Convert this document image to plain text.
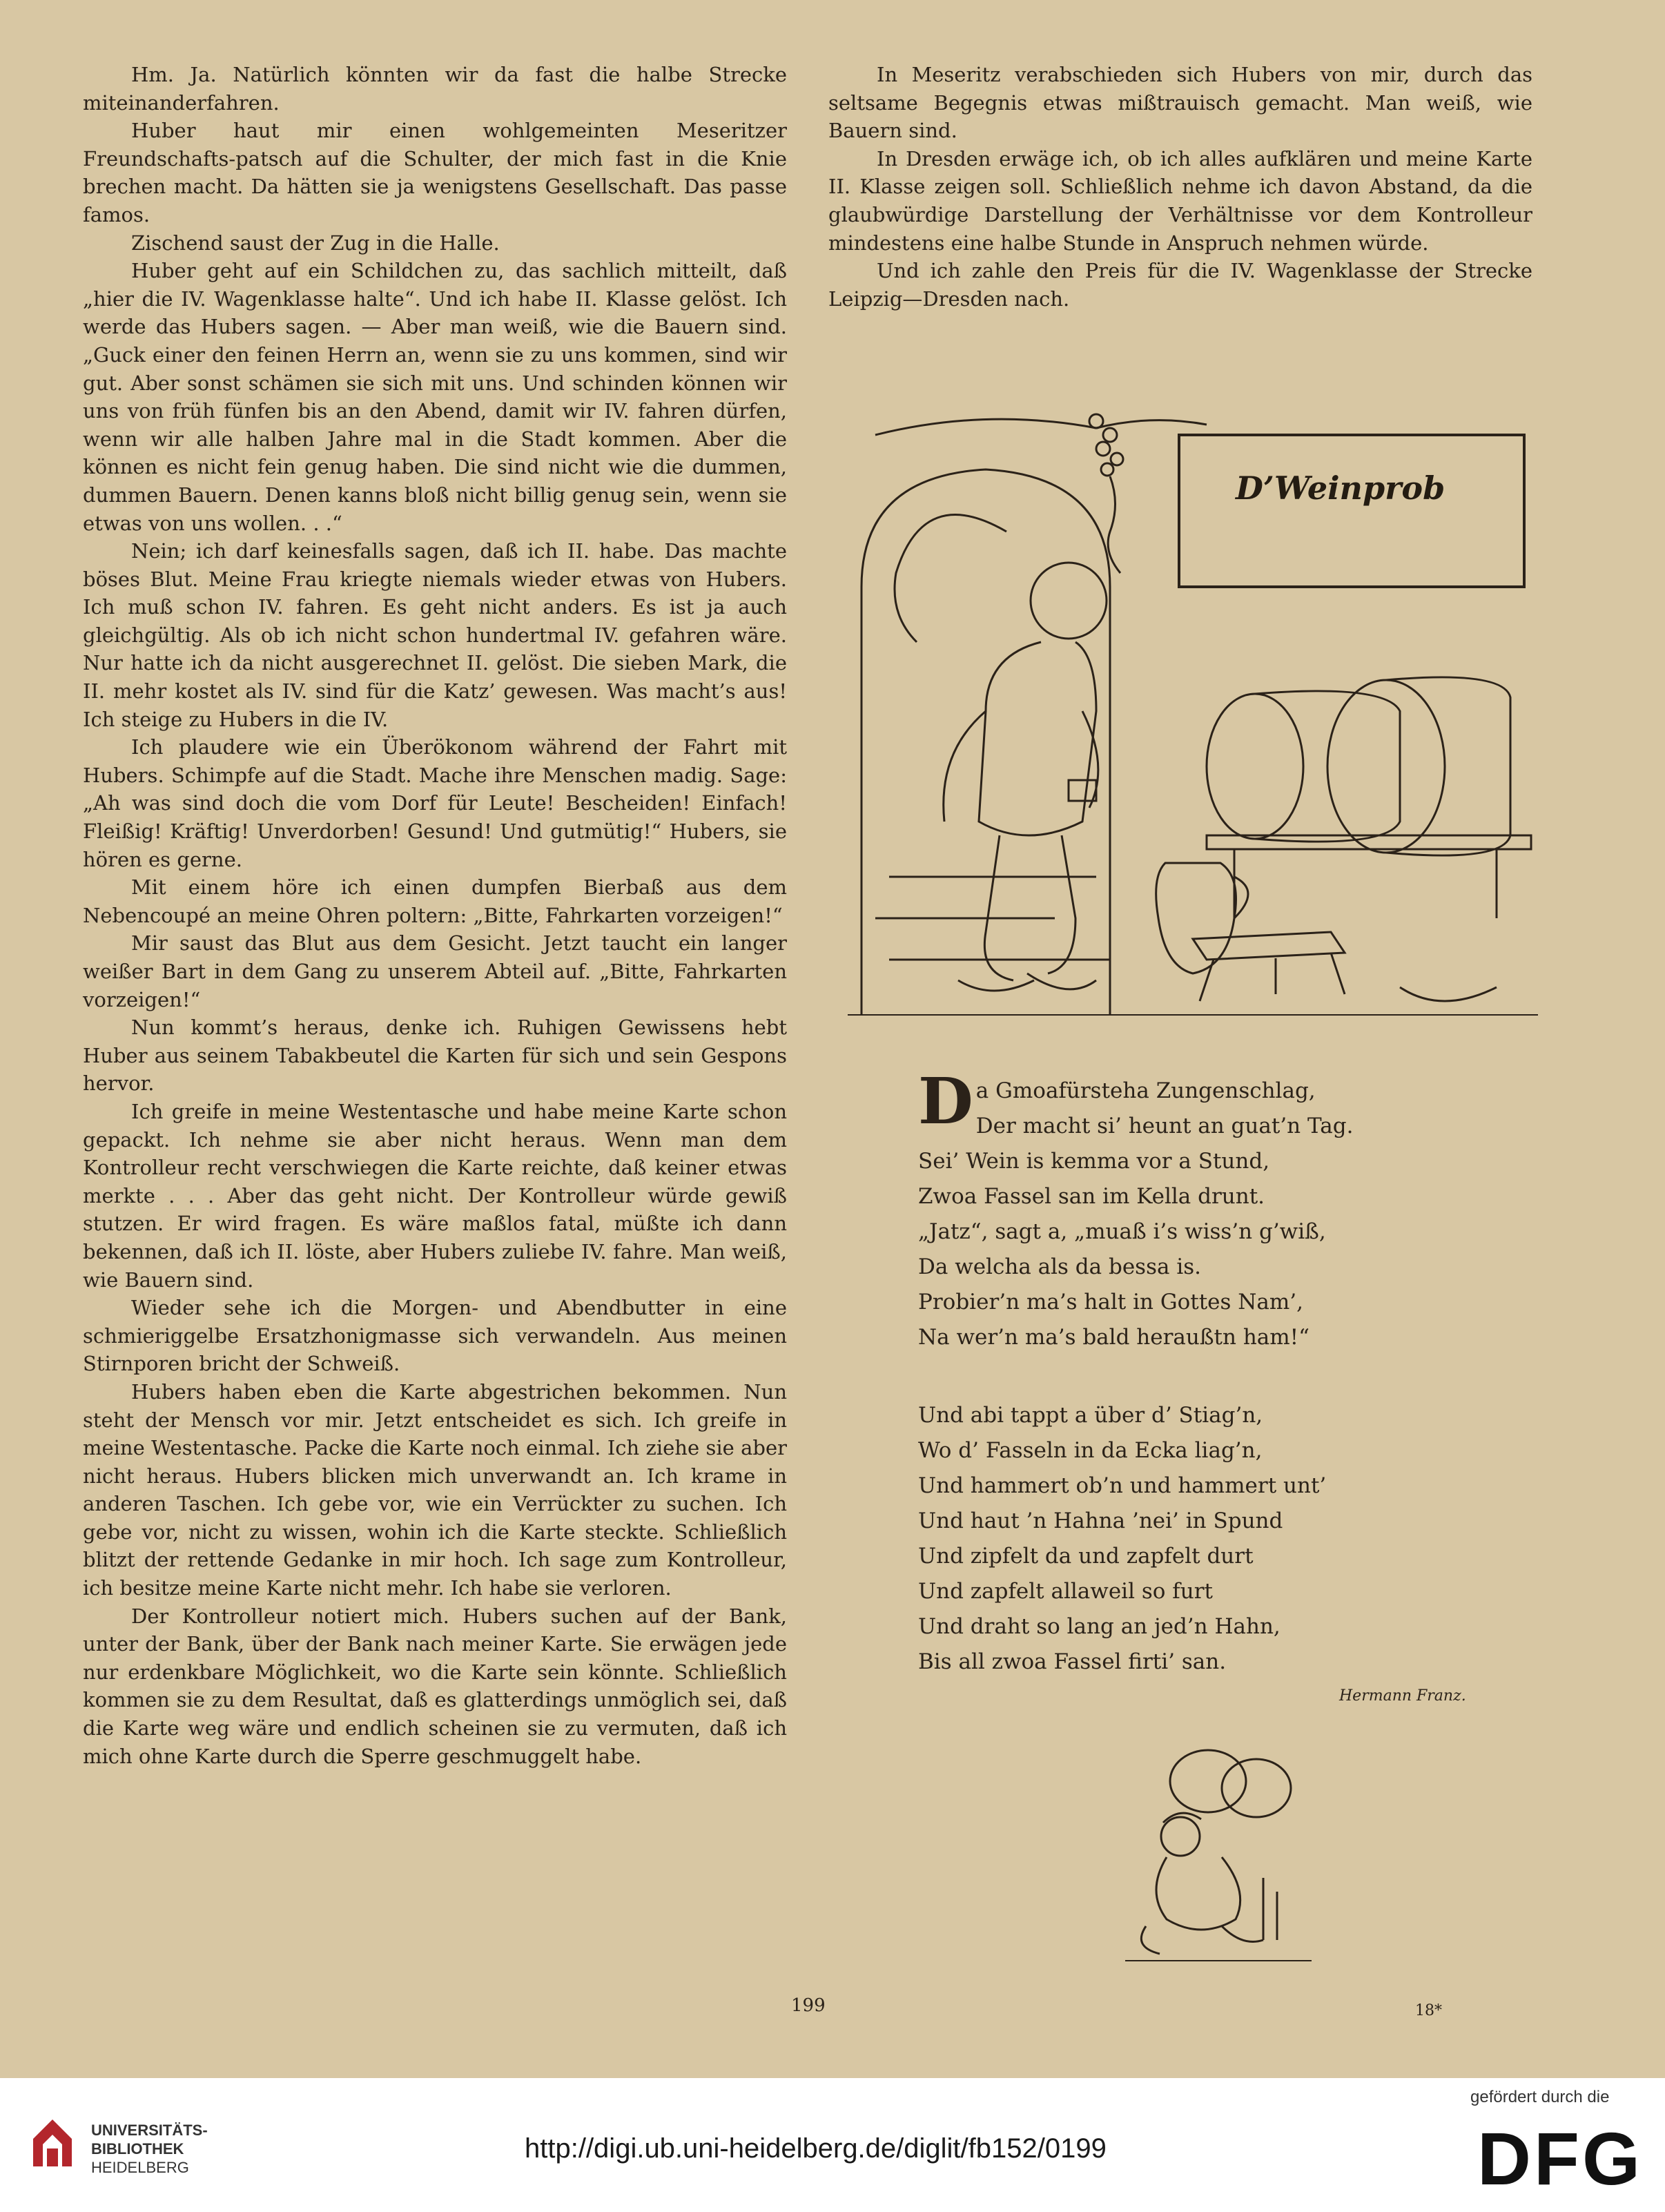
Hm. Ja. Natürlich könnten wir da fast die halbe Strecke miteinanderfahren.

Huber haut mir einen wohlgemeinten Meseritzer Freundschafts-patsch auf die Schulter, der mich fast in die Knie brechen macht. Da hätten sie ja wenigstens Gesellschaft. Das passe famos.

Zischend saust der Zug in die Halle.

Huber geht auf ein Schildchen zu, das sachlich mitteilt, daß „hier die IV. Wagenklasse halte“. Und ich habe II. Klasse gelöst. Ich werde das Hubers sagen. — Aber man weiß, wie die Bauern sind. „Guck einer den feinen Herrn an, wenn sie zu uns kommen, sind wir gut. Aber sonst schämen sie sich mit uns. Und schinden können wir uns von früh fünfen bis an den Abend, damit wir IV. fahren dürfen, wenn wir alle halben Jahre mal in die Stadt kommen. Aber die können es nicht fein genug haben. Die sind nicht wie die dummen, dummen Bauern. Denen kanns bloß nicht billig genug sein, wenn sie etwas von uns wollen. . .“

Nein; ich darf keinesfalls sagen, daß ich II. habe. Das machte böses Blut. Meine Frau kriegte niemals wieder etwas von Hubers. Ich muß schon IV. fahren. Es geht nicht anders. Es ist ja auch gleichgültig. Als ob ich nicht schon hundertmal IV. gefahren wäre. Nur hatte ich da nicht ausgerechnet II. gelöst. Die sieben Mark, die II. mehr kostet als IV. sind für die Katz’ gewesen. Was macht’s aus! Ich steige zu Hubers in die IV.

Ich plaudere wie ein Überökonom während der Fahrt mit Hubers. Schimpfe auf die Stadt. Mache ihre Menschen madig. Sage: „Ah was sind doch die vom Dorf für Leute! Bescheiden! Einfach! Fleißig! Kräftig! Unverdorben! Gesund! Und gutmütig!“ Hubers, sie hören es gerne.

Mit einem höre ich einen dumpfen Bierbaß aus dem Nebencoupé an meine Ohren poltern: „Bitte, Fahrkarten vorzeigen!“

Mir saust das Blut aus dem Gesicht. Jetzt taucht ein langer weißer Bart in dem Gang zu unserem Abteil auf. „Bitte, Fahrkarten vorzeigen!“

Nun kommt’s heraus, denke ich. Ruhigen Gewissens hebt Huber aus seinem Tabakbeutel die Karten für sich und sein Gespons hervor.

Ich greife in meine Westentasche und habe meine Karte schon gepackt. Ich nehme sie aber nicht heraus. Wenn man dem Kontrolleur recht verschwiegen die Karte reichte, daß keiner etwas merkte . . . Aber das geht nicht. Der Kontrolleur würde gewiß stutzen. Er wird fragen. Es wäre maßlos fatal, müßte ich dann bekennen, daß ich II. löste, aber Hubers zuliebe IV. fahre. Man weiß, wie Bauern sind.

Wieder sehe ich die Morgen- und Abendbutter in eine schmieriggelbe Ersatzhonigmasse sich verwandeln. Aus meinen Stirnporen bricht der Schweiß.

Hubers haben eben die Karte abgestrichen bekommen. Nun steht der Mensch vor mir. Jetzt entscheidet es sich. Ich greife in meine Westentasche. Packe die Karte noch einmal. Ich ziehe sie aber nicht heraus. Hubers blicken mich unverwandt an. Ich krame in anderen Taschen. Ich gebe vor, wie ein Verrückter zu suchen. Ich gebe vor, nicht zu wissen, wohin ich die Karte steckte. Schließlich blitzt der rettende Gedanke in mir hoch. Ich sage zum Kontrolleur, ich besitze meine Karte nicht mehr. Ich habe sie verloren.

Der Kontrolleur notiert mich. Hubers suchen auf der Bank, unter der Bank, über der Bank nach meiner Karte. Sie erwägen jede nur erdenkbare Möglichkeit, wo die Karte sein könnte. Schließlich kommen sie zu dem Resultat, daß es glatterdings unmöglich sei, daß die Karte weg wäre und endlich scheinen sie zu vermuten, daß ich mich ohne Karte durch die Sperre geschmuggelt habe.

In Meseritz verabschieden sich Hubers von mir, durch das seltsame Begegnis etwas mißtrauisch gemacht. Man weiß, wie Bauern sind.

In Dresden erwäge ich, ob ich alles aufklären und meine Karte II. Klasse zeigen soll. Schließlich nehme ich davon Abstand, da die glaubwürdige Darstellung der Verhältnisse vor dem Kontrolleur mindestens eine halbe Stunde in Anspruch nehmen würde.

Und ich zahle den Preis für die IV. Wagenklasse der Strecke Leipzig—Dresden nach.

D’Weinprob
D a Gmoafürsteha Zungenschlag,
Der macht si’ heunt an guat’n Tag.
Sei’ Wein is kemma vor a Stund,
Zwoa Fassel san im Kella drunt.
„Jatz“, sagt a, „muaß i’s wiss’n g’wiß,
Da welcha als da bessa is.
Probier’n ma’s halt in Gottes Nam’,
Na wer’n ma’s bald heraußtn ham!“
Und abi tappt a über d’ Stiag’n,
Wo d’ Fasseln in da Ecka liag’n,
Und hammert ob’n und hammert unt’
Und haut ’n Hahna ’nei’ in Spund
Und zipfelt da und zapfelt durt
Und zapfelt allaweil so furt
Und draht so lang an jed’n Hahn,
Bis all zwoa Fassel firti’ san.
Hermann Franz.
199	18*
UNIVERSITÄTS-
BIBLIOTHEK
HEIDELBERG
http://digi.ub.uni-heidelberg.de/diglit/fb152/0199
gefördert durch die
DFG
